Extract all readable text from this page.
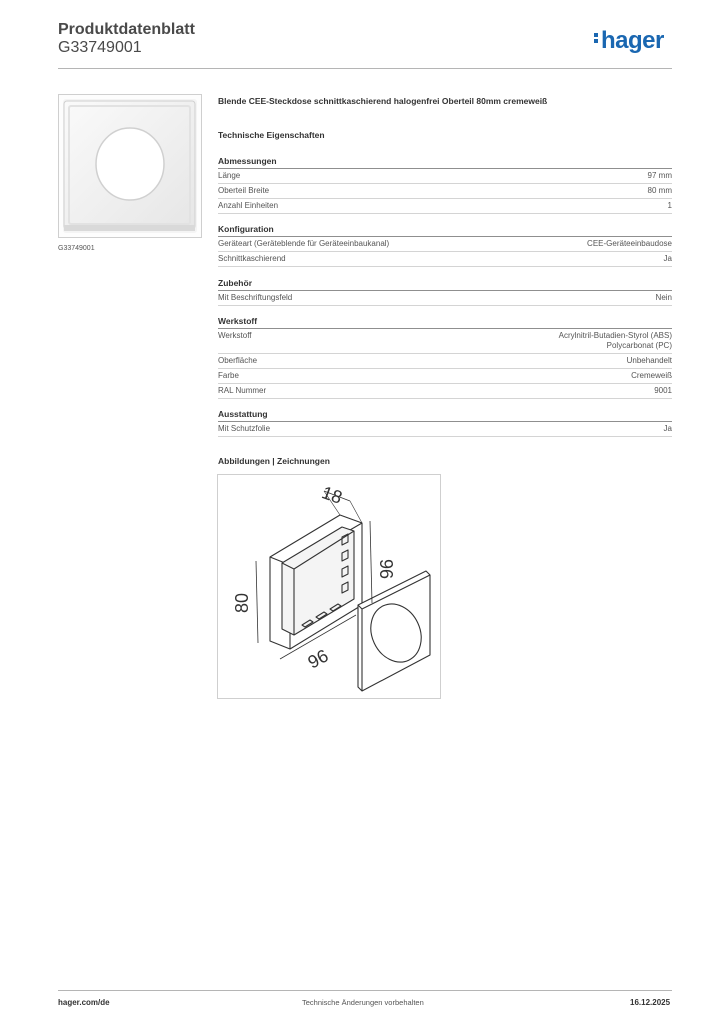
Produktdatenblatt
G33749001	hager
G33749001
Blende CEE-Steckdose schnittkaschierend halogenfrei Oberteil 80mm cremeweiß
Technische Eigenschaften
Abmessungen
Länge	97 mm
Oberteil Breite	80 mm
Anzahl Einheiten	1
Konfiguration
Geräteart (Geräteblende für Geräteeinbaukanal)	CEE-Geräteeinbaudose
Schnittkaschierend	Ja
Zubehör
Mit Beschriftungsfeld	Nein
Werkstoff
Werkstoff	Acrylnitril-Butadien-Styrol (ABS)
Polycarbonat (PC)
Oberfläche	Unbehandelt
Farbe	Cremeweiß
RAL Nummer	9001
Ausstattung
Mit Schutzfolie	Ja
Abbildungen | Zeichnungen
18
96
80
96
hager.com/de	Technische Änderungen vorbehalten	16.12.2025
